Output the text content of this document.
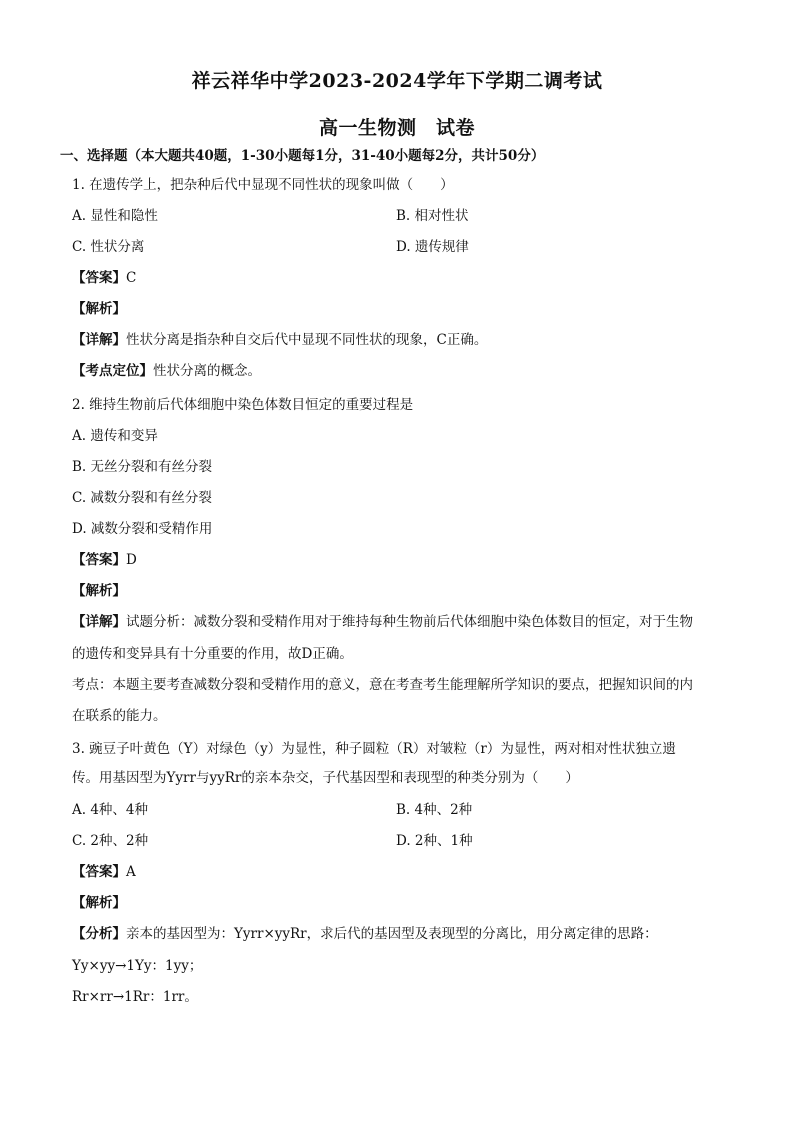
祥云祥华中学2023-2024学年下学期二调考试
高一生物测　试卷
一、选择题（本大题共40题，1-30小题每1分，31-40小题每2分，共计50分）
1. 在遗传学上，把杂种后代中显现不同性状的现象叫做（　　）
A. 显性和隐性	B. 相对性状
C. 性状分离	D. 遗传规律
【答案】C
【解析】
【详解】性状分离是指杂种自交后代中显现不同性状的现象，C正确。
【考点定位】性状分离的概念。
2. 维持生物前后代体细胞中染色体数目恒定的重要过程是
A. 遗传和变异
B. 无丝分裂和有丝分裂
C. 减数分裂和有丝分裂
D. 减数分裂和受精作用
【答案】D
【解析】
【详解】试题分析：减数分裂和受精作用对于维持每种生物前后代体细胞中染色体数目的恒定，对于生物
的遗传和变异具有十分重要的作用，故D正确。
考点：本题主要考查减数分裂和受精作用的意义，意在考查考生能理解所学知识的要点，把握知识间的内
在联系的能力。
3. 豌豆子叶黄色（Y）对绿色（y）为显性，种子圆粒（R）对皱粒（r）为显性，两对相对性状独立遗
传。用基因型为Yyrr与yyRr的亲本杂交，子代基因型和表现型的种类分别为（　　）
A. 4种、4种	B. 4种、2种
C. 2种、2种	D. 2种、1种
【答案】A
【解析】
【分析】亲本的基因型为：Yyrr×yyRr，求后代的基因型及表现型的分离比，用分离定律的思路：
Yy×yy→1Yy：1yy；
Rr×rr→1Rr：1rr。
